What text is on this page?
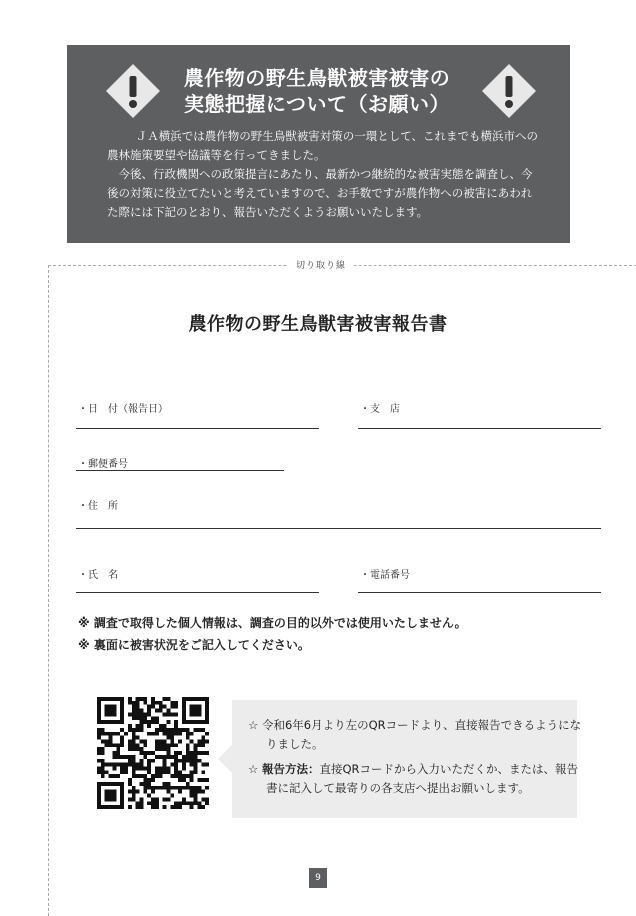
農作物の野生鳥獣被害被害の
実態把握について（お願い）

ＪＡ横浜では農作物の野生鳥獣被害対策の一環として、これまでも横浜市への農林施策要望や協議等を行ってきました。

今後、行政機関への政策提言にあたり、最新かつ継続的な被害実態を調査し、今後の対策に役立てたいと考えていますので、お手数ですが農作物への被害にあわれた際には下記のとおり、報告いただくようお願いいたします。

切り取り線
農作物の野生鳥獣害被害報告書
・日　付（報告日）	・支　店
・郵便番号
・住　所
・氏　名	・電話番号
※ 調査で取得した個人情報は、調査の目的以外では使用いたしません。
※ 裏面に被害状況をご記入してください。
☆ 令和6年6月より左のQRコードより、直接報告できるようになりました。
☆ 報告方法：直接QRコードから入力いただくか、または、報告書に記入して最寄りの各支店へ提出お願いします。
9
